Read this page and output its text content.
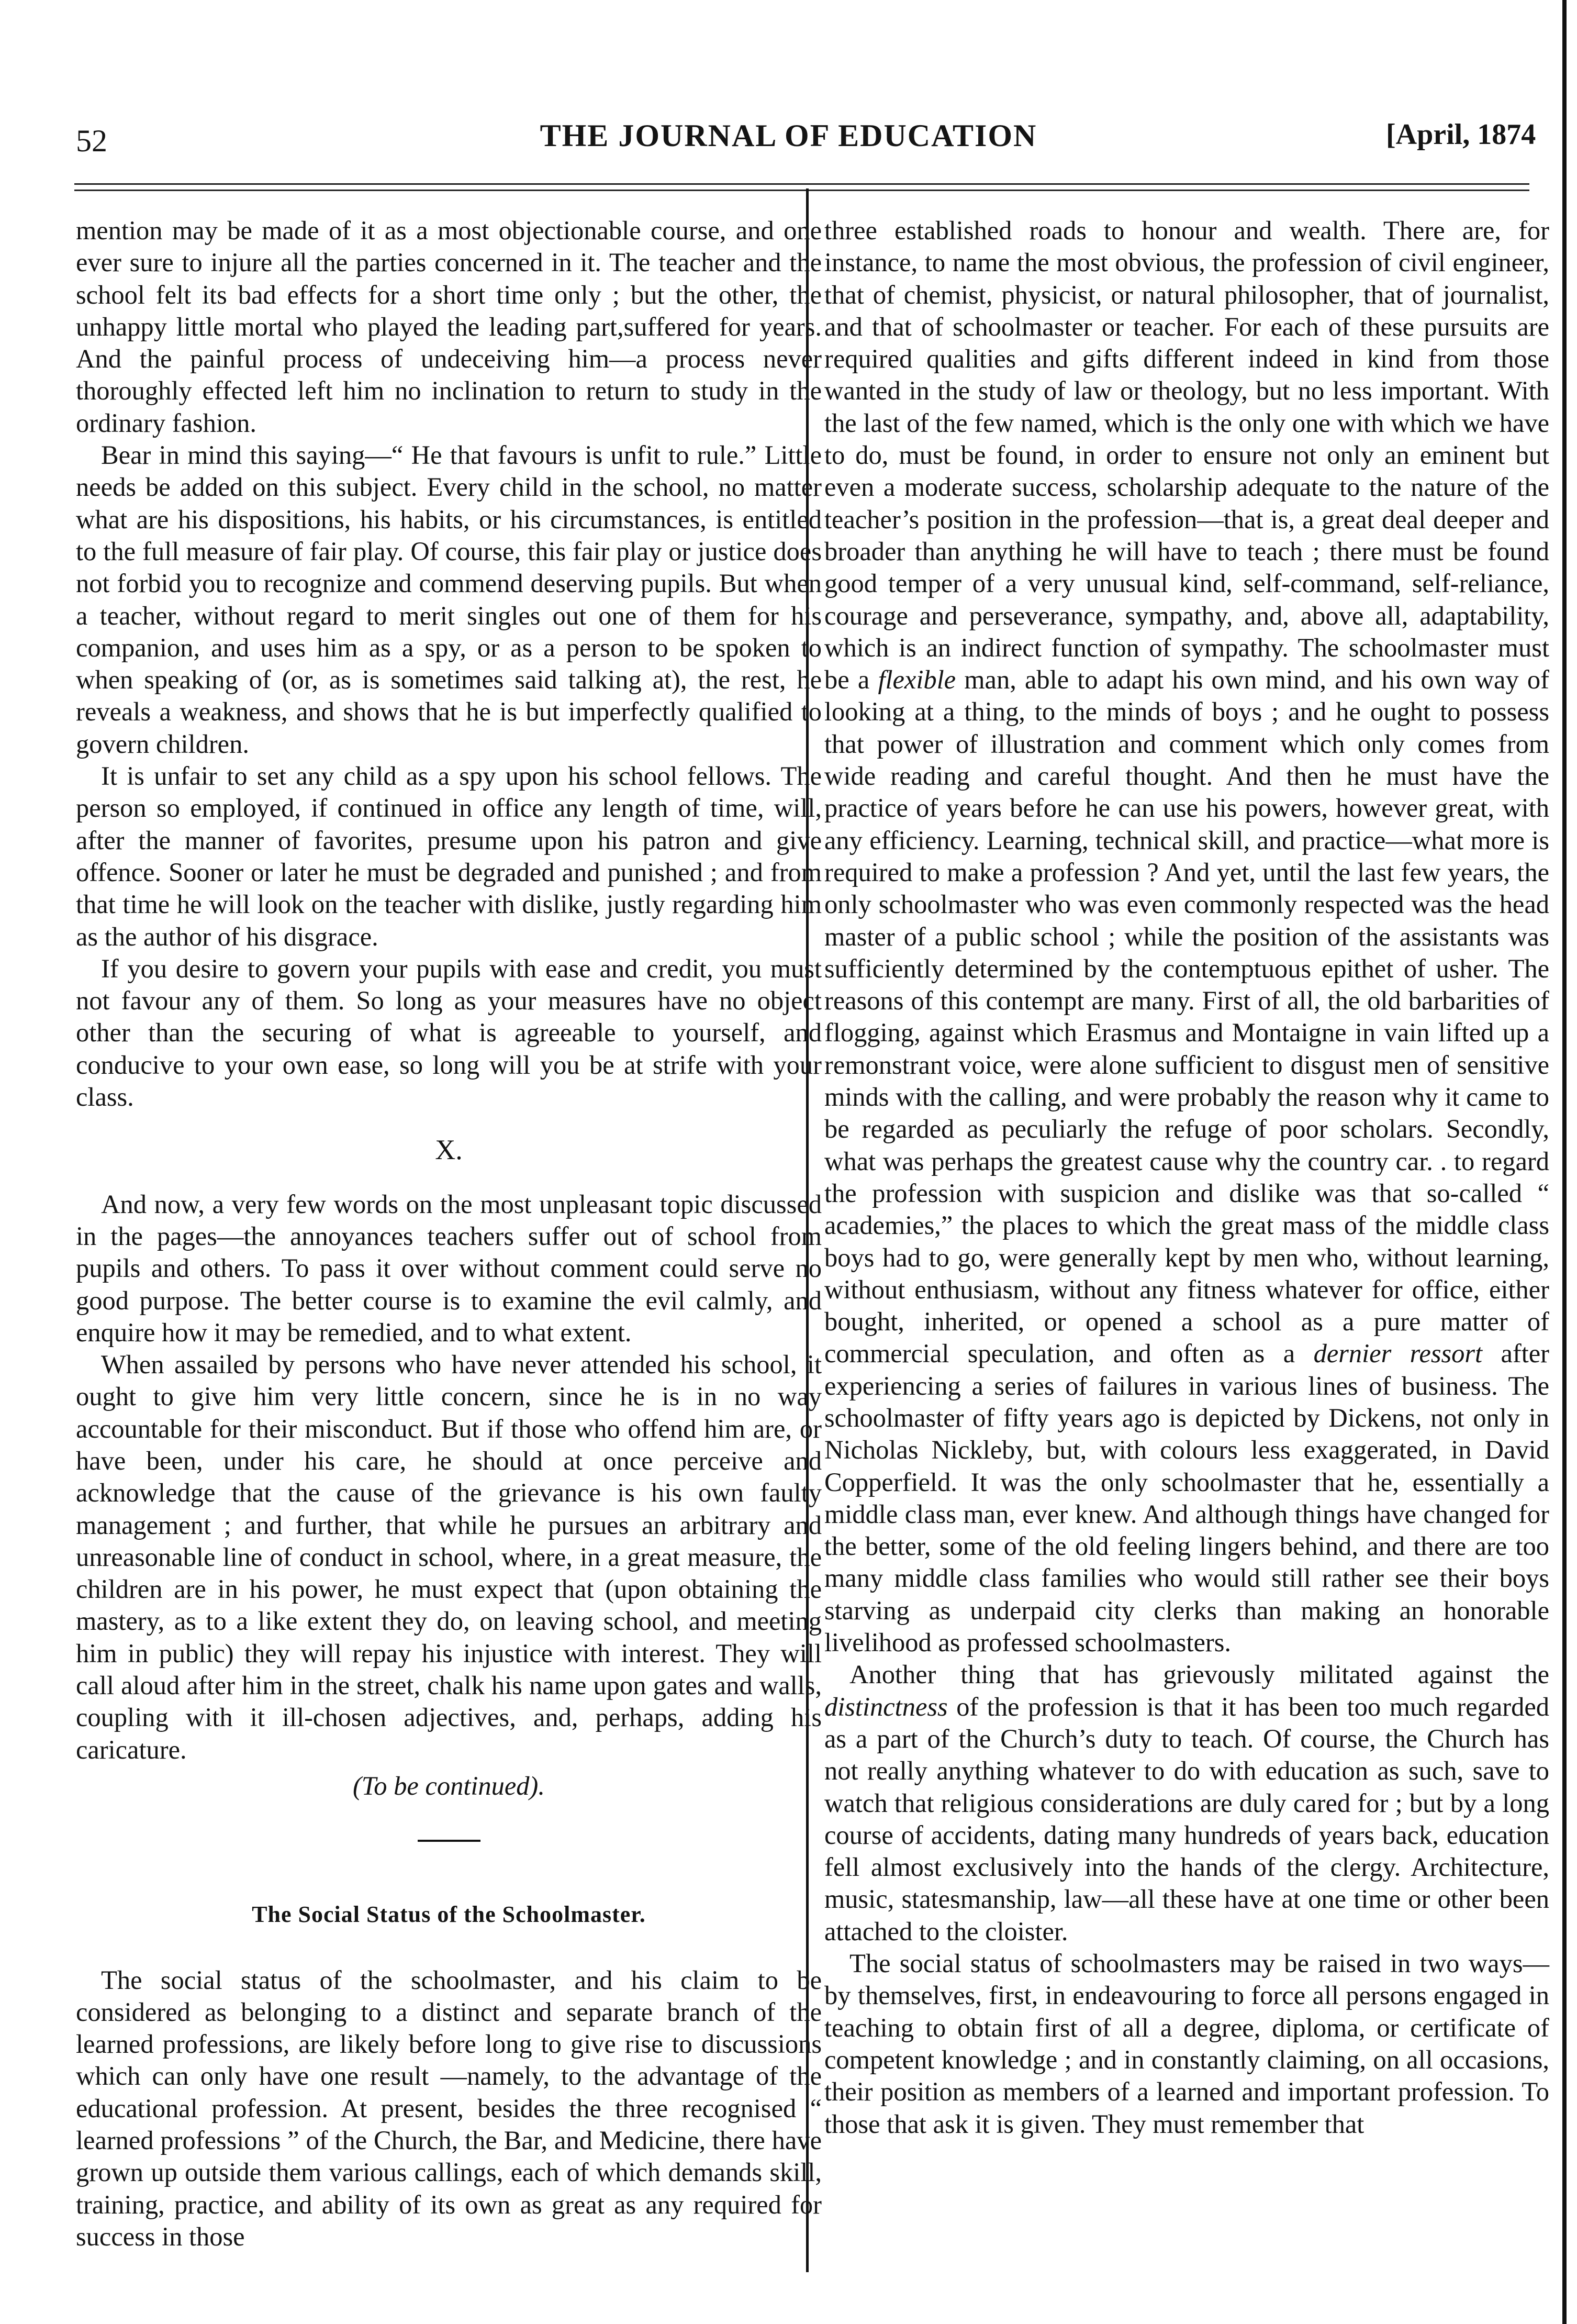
52	THE JOURNAL OF EDUCATION	[April, 1874

mention may be made of it as a most objectionable course, and one ever sure to injure all the parties concerned in it. The teacher and the school felt its bad effects for a short time only ; but the other, the unhappy little mortal who played the leading part,suffered for years. And the painful process of undeceiving him—a process never thoroughly effected left him no inclination to return to study in the ordinary fashion.

Bear in mind this saying—“ He that favours is unfit to rule.” Little needs be added on this subject. Every child in the school, no matter what are his dispositions, his habits, or his circumstances, is entitled to the full measure of fair play. Of course, this fair play or justice does not forbid you to recognize and commend deserving pupils. But when a teacher, without regard to merit singles out one of them for his companion, and uses him as a spy, or as a person to be spoken to when speaking of (or, as is sometimes said talking at), the rest, he reveals a weakness, and shows that he is but imperfectly qualified to govern children.

It is unfair to set any child as a spy upon his school fellows. The person so employed, if continued in office any length of time, will, after the manner of favorites, presume upon his patron and give offence. Sooner or later he must be degraded and punished ; and from that time he will look on the teacher with dislike, justly regarding him as the author of his disgrace.

If you desire to govern your pupils with ease and credit, you must not favour any of them. So long as your measures have no object other than the securing of what is agreeable to yourself, and conducive to your own ease, so long will you be at strife with your class.

X.

And now, a very few words on the most unpleasant topic discussed in the pages—the annoyances teachers suffer out of school from pupils and others. To pass it over without comment could serve no good purpose. The better course is to examine the evil calmly, and enquire how it may be remedied, and to what extent.

When assailed by persons who have never attended his school, it ought to give him very little concern, since he is in no way accountable for their misconduct. But if those who offend him are, or have been, under his care, he should at once perceive and acknowledge that the cause of the grievance is his own faulty management ; and further, that while he pursues an arbitrary and unreasonable line of conduct in school, where, in a great measure, the children are in his power, he must expect that (upon obtaining the mastery, as to a like extent they do, on leaving school, and meeting him in public) they will repay his injustice with interest. They will call aloud after him in the street, chalk his name upon gates and walls, coupling with it ill-chosen adjectives, and, perhaps, adding his caricature.

(To be continued).
The Social Status of the Schoolmaster.

The social status of the schoolmaster, and his claim to be considered as belonging to a distinct and separate branch of the learned professions, are likely before long to give rise to discussions which can only have one result —namely, to the advantage of the educational profession. At present, besides the three recognised “ learned professions ” of the Church, the Bar, and Medicine, there have grown up outside them various callings, each of which demands skill, training, practice, and ability of its own as great as any required for success in those

three established roads to honour and wealth. There are, for instance, to name the most obvious, the profession of civil engineer, that of chemist, physicist, or natural philosopher, that of journalist, and that of schoolmaster or teacher. For each of these pursuits are required qualities and gifts different indeed in kind from those wanted in the study of law or theology, but no less important. With the last of the few named, which is the only one with which we have to do, must be found, in order to ensure not only an eminent but even a moderate success, scholarship adequate to the nature of the teacher’s position in the profession—that is, a great deal deeper and broader than anything he will have to teach ; there must be found good temper of a very unusual kind, self-command, self-reliance, courage and perseverance, sympathy, and, above all, adaptability, which is an indirect function of sympathy. The schoolmaster must be a flexible man, able to adapt his own mind, and his own way of looking at a thing, to the minds of boys ; and he ought to possess that power of illustration and comment which only comes from wide reading and careful thought. And then he must have the practice of years before he can use his powers, however great, with any efficiency. Learning, technical skill, and practice—what more is required to make a profession ? And yet, until the last few years, the only schoolmaster who was even commonly respected was the head master of a public school ; while the position of the assistants was sufficiently determined by the contemptuous epithet of usher. The reasons of this contempt are many. First of all, the old barbarities of flogging, against which Erasmus and Montaigne in vain lifted up a remonstrant voice, were alone sufficient to disgust men of sensitive minds with the calling, and were probably the reason why it came to be regarded as peculiarly the refuge of poor scholars. Secondly, what was perhaps the greatest cause why the country car. . to regard the profession with suspicion and dislike was that so-called “ academies,” the places to which the great mass of the middle class boys had to go, were generally kept by men who, without learning, without enthusiasm, without any fitness whatever for office, either bought, inherited, or opened a school as a pure matter of commercial speculation, and often as a dernier ressort after experiencing a series of failures in various lines of business. The schoolmaster of fifty years ago is depicted by Dickens, not only in Nicholas Nickleby, but, with colours less exaggerated, in David Copperfield. It was the only schoolmaster that he, essentially a middle class man, ever knew. And although things have changed for the better, some of the old feeling lingers behind, and there are too many middle class families who would still rather see their boys starving as underpaid city clerks than making an honorable livelihood as professed schoolmasters.

Another thing that has grievously militated against the distinctness of the profession is that it has been too much regarded as a part of the Church’s duty to teach. Of course, the Church has not really anything whatever to do with education as such, save to watch that religious considerations are duly cared for ; but by a long course of accidents, dating many hundreds of years back, education fell almost exclusively into the hands of the clergy. Architecture, music, statesmanship, law—all these have at one time or other been attached to the cloister.

The social status of schoolmasters may be raised in two ways—by themselves, first, in endeavouring to force all persons engaged in teaching to obtain first of all a degree, diploma, or certificate of competent knowledge ; and in constantly claiming, on all occasions, their position as members of a learned and important profession. To those that ask it is given. They must remember that
